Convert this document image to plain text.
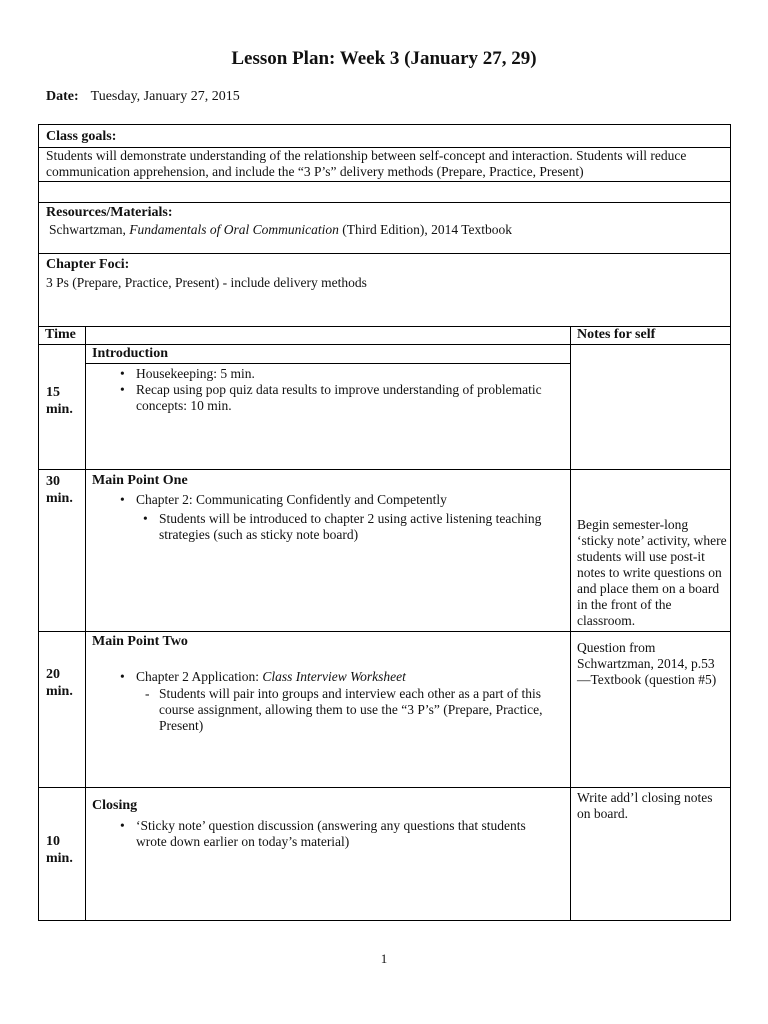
Lesson Plan: Week 3 (January 27, 29)
Date: Tuesday, January 27, 2015
Class goals:
Students will demonstrate understanding of the relationship between self-concept and interaction. Students will reduce communication apprehension, and include the “3 P’s” delivery methods (Prepare, Practice, Present)
Resources/Materials:
Schwartzman, Fundamentals of Oral Communication (Third Edition), 2014 Textbook
Chapter Foci:
3 Ps (Prepare, Practice, Present) - include delivery methods
Time	Notes for self
15 min.
Introduction
• Housekeeping: 5 min.
• Recap using pop quiz data results to improve understanding of problematic concepts: 10 min.
30 min.
Main Point One
• Chapter 2: Communicating Confidently and Competently
• Students will be introduced to chapter 2 using active listening teaching strategies (such as sticky note board)
Begin semester-long ‘sticky note’ activity, where students will use post-it notes to write questions on and place them on a board in the front of the classroom.
20 min.
Main Point Two
• Chapter 2 Application: Class Interview Worksheet
- Students will pair into groups and interview each other as a part of this course assignment, allowing them to use the “3 P’s” (Prepare, Practice, Present)
Question from Schwartzman, 2014, p.53—Textbook (question #5)
10 min.
Closing
• ‘Sticky note’ question discussion (answering any questions that students wrote down earlier on today’s material)
Write add’l closing notes on board.
1
